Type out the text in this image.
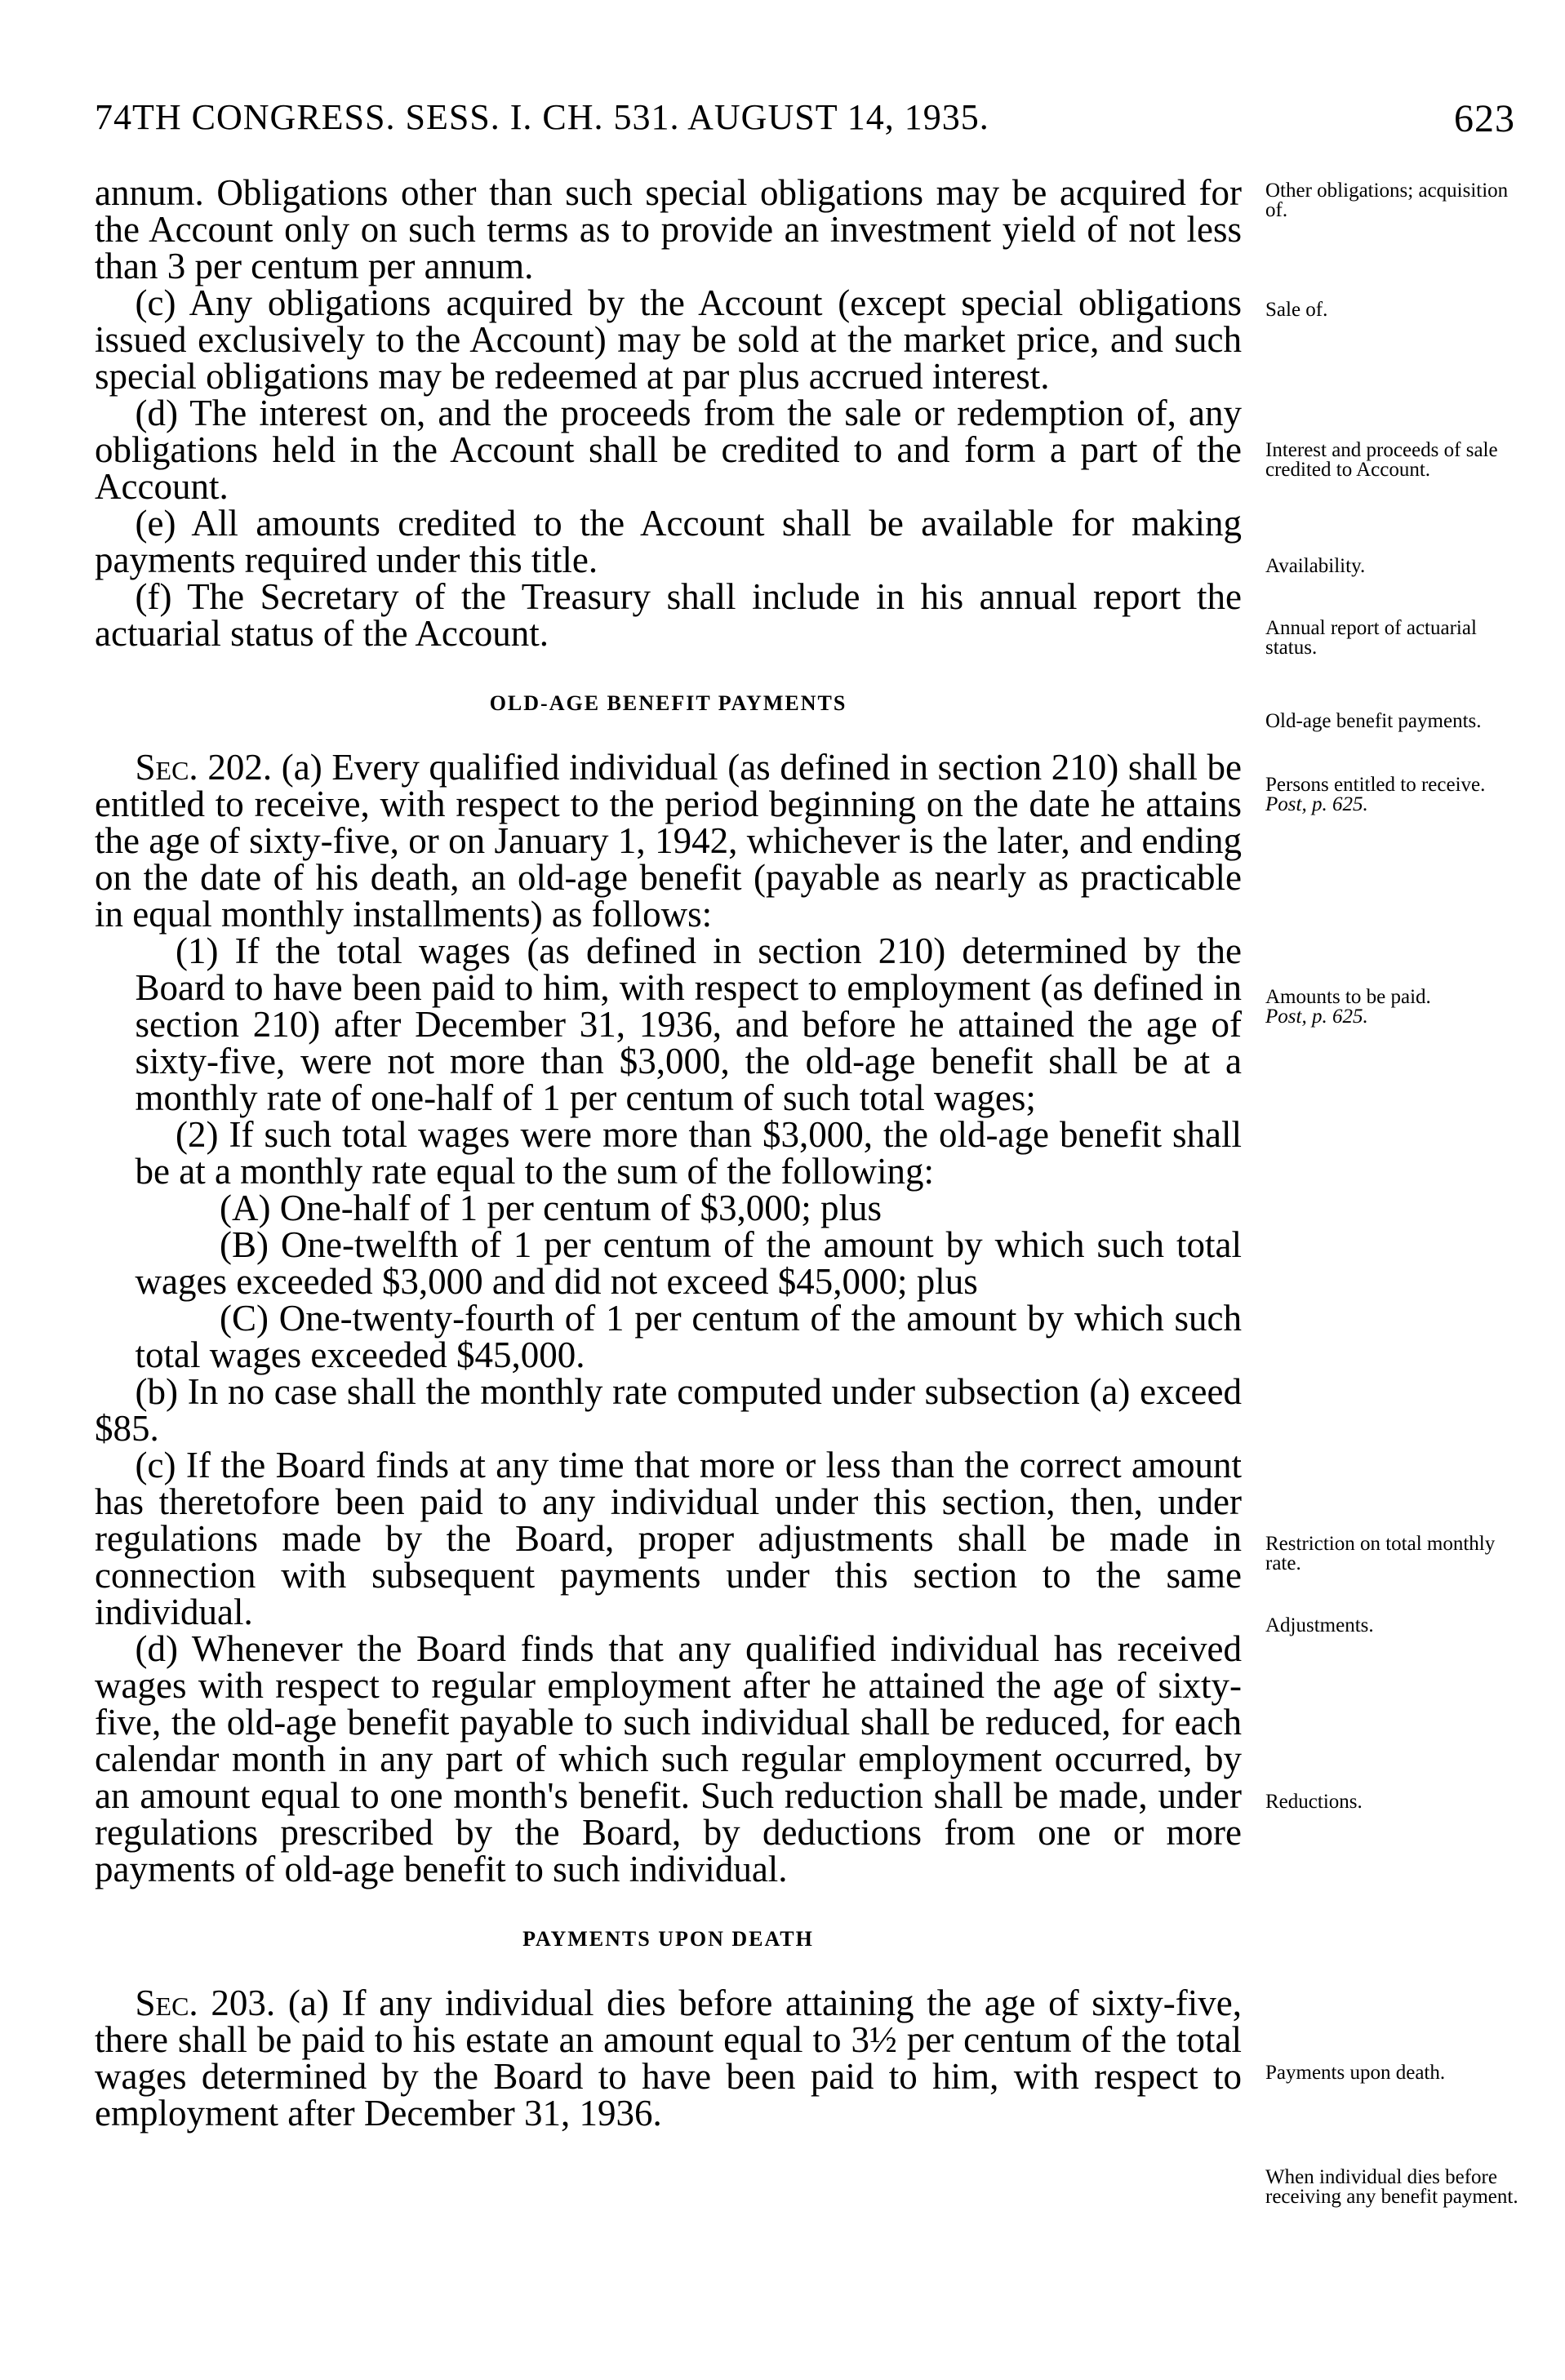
74TH CONGRESS. SESS. I. CH. 531. AUGUST 14, 1935.	623

annum. Obligations other than such special obligations may be acquired for the Account only on such terms as to provide an investment yield of not less than 3 per centum per annum.

(c) Any obligations acquired by the Account (except special obligations issued exclusively to the Account) may be sold at the market price, and such special obligations may be redeemed at par plus accrued interest.

(d) The interest on, and the proceeds from the sale or redemption of, any obligations held in the Account shall be credited to and form a part of the Account.

(e) All amounts credited to the Account shall be available for making payments required under this title.

(f) The Secretary of the Treasury shall include in his annual report the actuarial status of the Account.

OLD-AGE BENEFIT PAYMENTS

Sec. 202. (a) Every qualified individual (as defined in section 210) shall be entitled to receive, with respect to the period beginning on the date he attains the age of sixty-five, or on January 1, 1942, whichever is the later, and ending on the date of his death, an old-age benefit (payable as nearly as practicable in equal monthly installments) as follows:

(1) If the total wages (as defined in section 210) determined by the Board to have been paid to him, with respect to employment (as defined in section 210) after December 31, 1936, and before he attained the age of sixty-five, were not more than $3,000, the old-age benefit shall be at a monthly rate of one-half of 1 per centum of such total wages;

(2) If such total wages were more than $3,000, the old-age benefit shall be at a monthly rate equal to the sum of the following:

(A) One-half of 1 per centum of $3,000; plus

(B) One-twelfth of 1 per centum of the amount by which such total wages exceeded $3,000 and did not exceed $45,000; plus

(C) One-twenty-fourth of 1 per centum of the amount by which such total wages exceeded $45,000.

(b) In no case shall the monthly rate computed under subsection (a) exceed $85.

(c) If the Board finds at any time that more or less than the correct amount has theretofore been paid to any individual under this section, then, under regulations made by the Board, proper adjustments shall be made in connection with subsequent payments under this section to the same individual.

(d) Whenever the Board finds that any qualified individual has received wages with respect to regular employment after he attained the age of sixty-five, the old-age benefit payable to such individual shall be reduced, for each calendar month in any part of which such regular employment occurred, by an amount equal to one month's benefit. Such reduction shall be made, under regulations prescribed by the Board, by deductions from one or more payments of old-age benefit to such individual.

PAYMENTS UPON DEATH

Sec. 203. (a) If any individual dies before attaining the age of sixty-five, there shall be paid to his estate an amount equal to 3½ per centum of the total wages determined by the Board to have been paid to him, with respect to employment after December 31, 1936.

Other obligations; acquisition of.
Sale of.
Interest and proceeds of sale credited to Account.
Availability.
Annual report of actuarial status.
Old-age benefit payments.
Persons entitled to receive.
Post, p. 625.
Amounts to be paid.
Post, p. 625.
Restriction on total monthly rate.
Adjustments.
Reductions.
Payments upon death.
When individual dies before receiving any benefit payment.
